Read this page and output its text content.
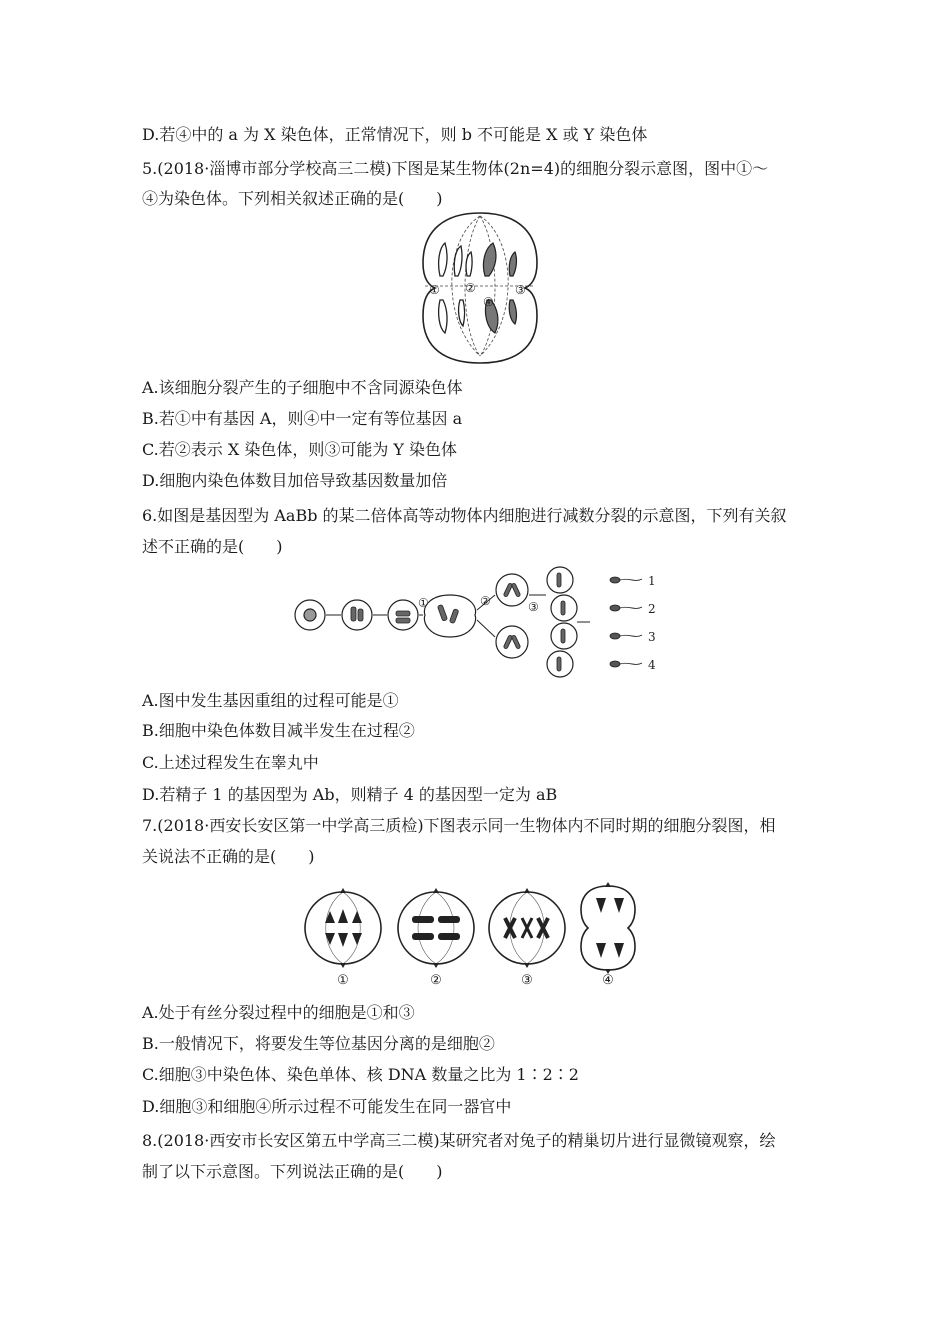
D.若④中的 a 为 X 染色体，正常情况下，则 b 不可能是 X 或 Y 染色体
5.(2018·淄博市部分学校高三二模)下图是某生物体(2n=4)的细胞分裂示意图，图中①～
④为染色体。下列相关叙述正确的是(　　)
① ②	③
④
A.该细胞分裂产生的子细胞中不含同源染色体
B.若①中有基因 A，则④中一定有等位基因 a
C.若②表示 X 染色体，则③可能为 Y 染色体
D.细胞内染色体数目加倍导致基因数量加倍
6.如图是基因型为 AaBb 的某二倍体高等动物体内细胞进行减数分裂的示意图，下列有关叙
述不正确的是(　　)
①	②	③
1
2
3
4
A.图中发生基因重组的过程可能是①
B.细胞中染色体数目减半发生在过程②
C.上述过程发生在睾丸中
D.若精子 1 的基因型为 Ab，则精子 4 的基因型一定为 aB
7.(2018·西安长安区第一中学高三质检)下图表示同一生物体内不同时期的细胞分裂图，相
关说法不正确的是(　　)
①	②	③	④
A.处于有丝分裂过程中的细胞是①和③
B.一般情况下，将要发生等位基因分离的是细胞②
C.细胞③中染色体、染色单体、核 DNA 数量之比为 1∶2∶2
D.细胞③和细胞④所示过程不可能发生在同一器官中
8.(2018·西安市长安区第五中学高三二模)某研究者对兔子的精巢切片进行显微镜观察，绘
制了以下示意图。下列说法正确的是(　　)
